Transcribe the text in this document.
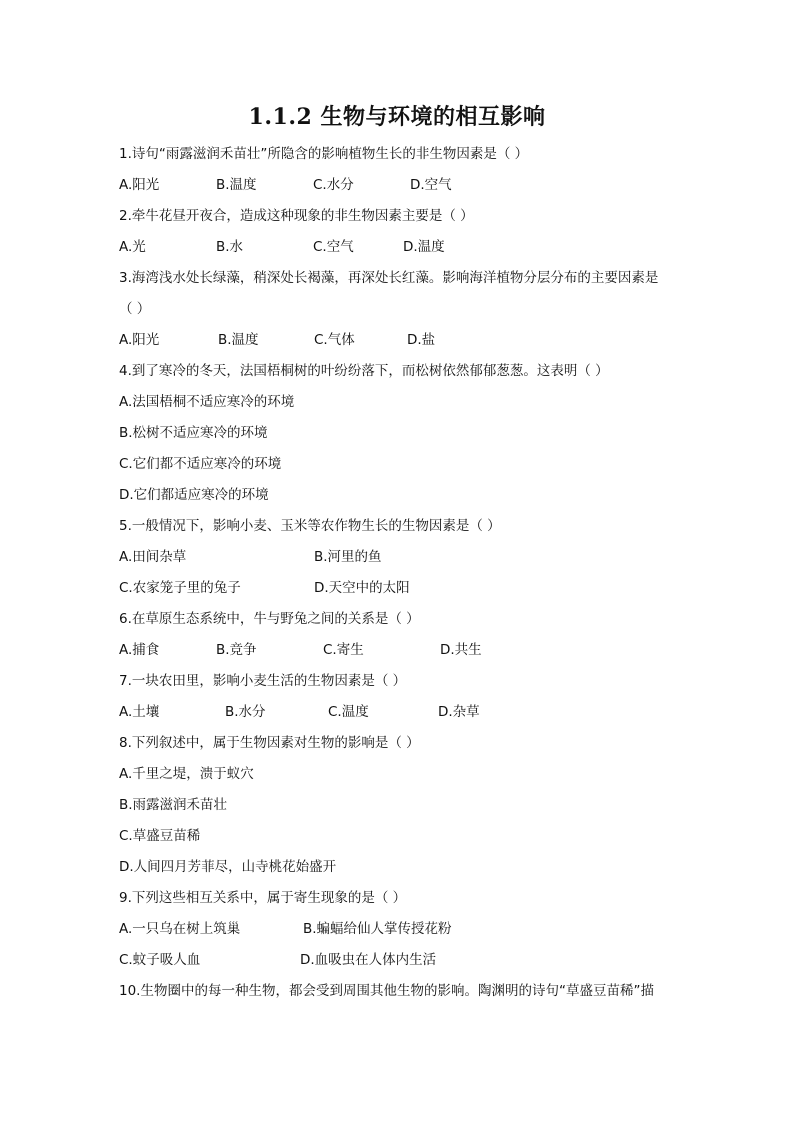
1.1.2 生物与环境的相互影响
1.诗句“雨露滋润禾苗壮”所隐含的影响植物生长的非生物因素是（ ）
A.阳光	B.温度	C.水分	D.空气
2.牵牛花昼开夜合，造成这种现象的非生物因素主要是（ ）
A.光	B.水	C.空气	D.温度
3.海湾浅水处长绿藻，稍深处长褐藻，再深处长红藻。影响海洋植物分层分布的主要因素是
（ ）
A.阳光	B.温度	C.气体	D.盐
4.到了寒冷的冬天，法国梧桐树的叶纷纷落下，而松树依然郁郁葱葱。这表明（ ）
A.法国梧桐不适应寒冷的环境
B.松树不适应寒冷的环境
C.它们都不适应寒冷的环境
D.它们都适应寒冷的环境
5.一般情况下，影响小麦、玉米等农作物生长的生物因素是（ ）
A.田间杂草	B.河里的鱼
C.农家笼子里的兔子	D.天空中的太阳
6.在草原生态系统中，牛与野兔之间的关系是（ ）
A.捕食	B.竞争	C.寄生	D.共生
7.一块农田里，影响小麦生活的生物因素是（ ）
A.土壤	B.水分	C.温度	D.杂草
8.下列叙述中，属于生物因素对生物的影响是（ ）
A.千里之堤，溃于蚁穴
B.雨露滋润禾苗壮
C.草盛豆苗稀
D.人间四月芳菲尽，山寺桃花始盛开
9.下列这些相互关系中，属于寄生现象的是（ ）
A.一只乌在树上筑巢	B.蝙蝠给仙人掌传授花粉
C.蚊子吸人血	D.血吸虫在人体内生活
10.生物圈中的每一种生物，都会受到周围其他生物的影响。陶渊明的诗句“草盛豆苗稀”描
